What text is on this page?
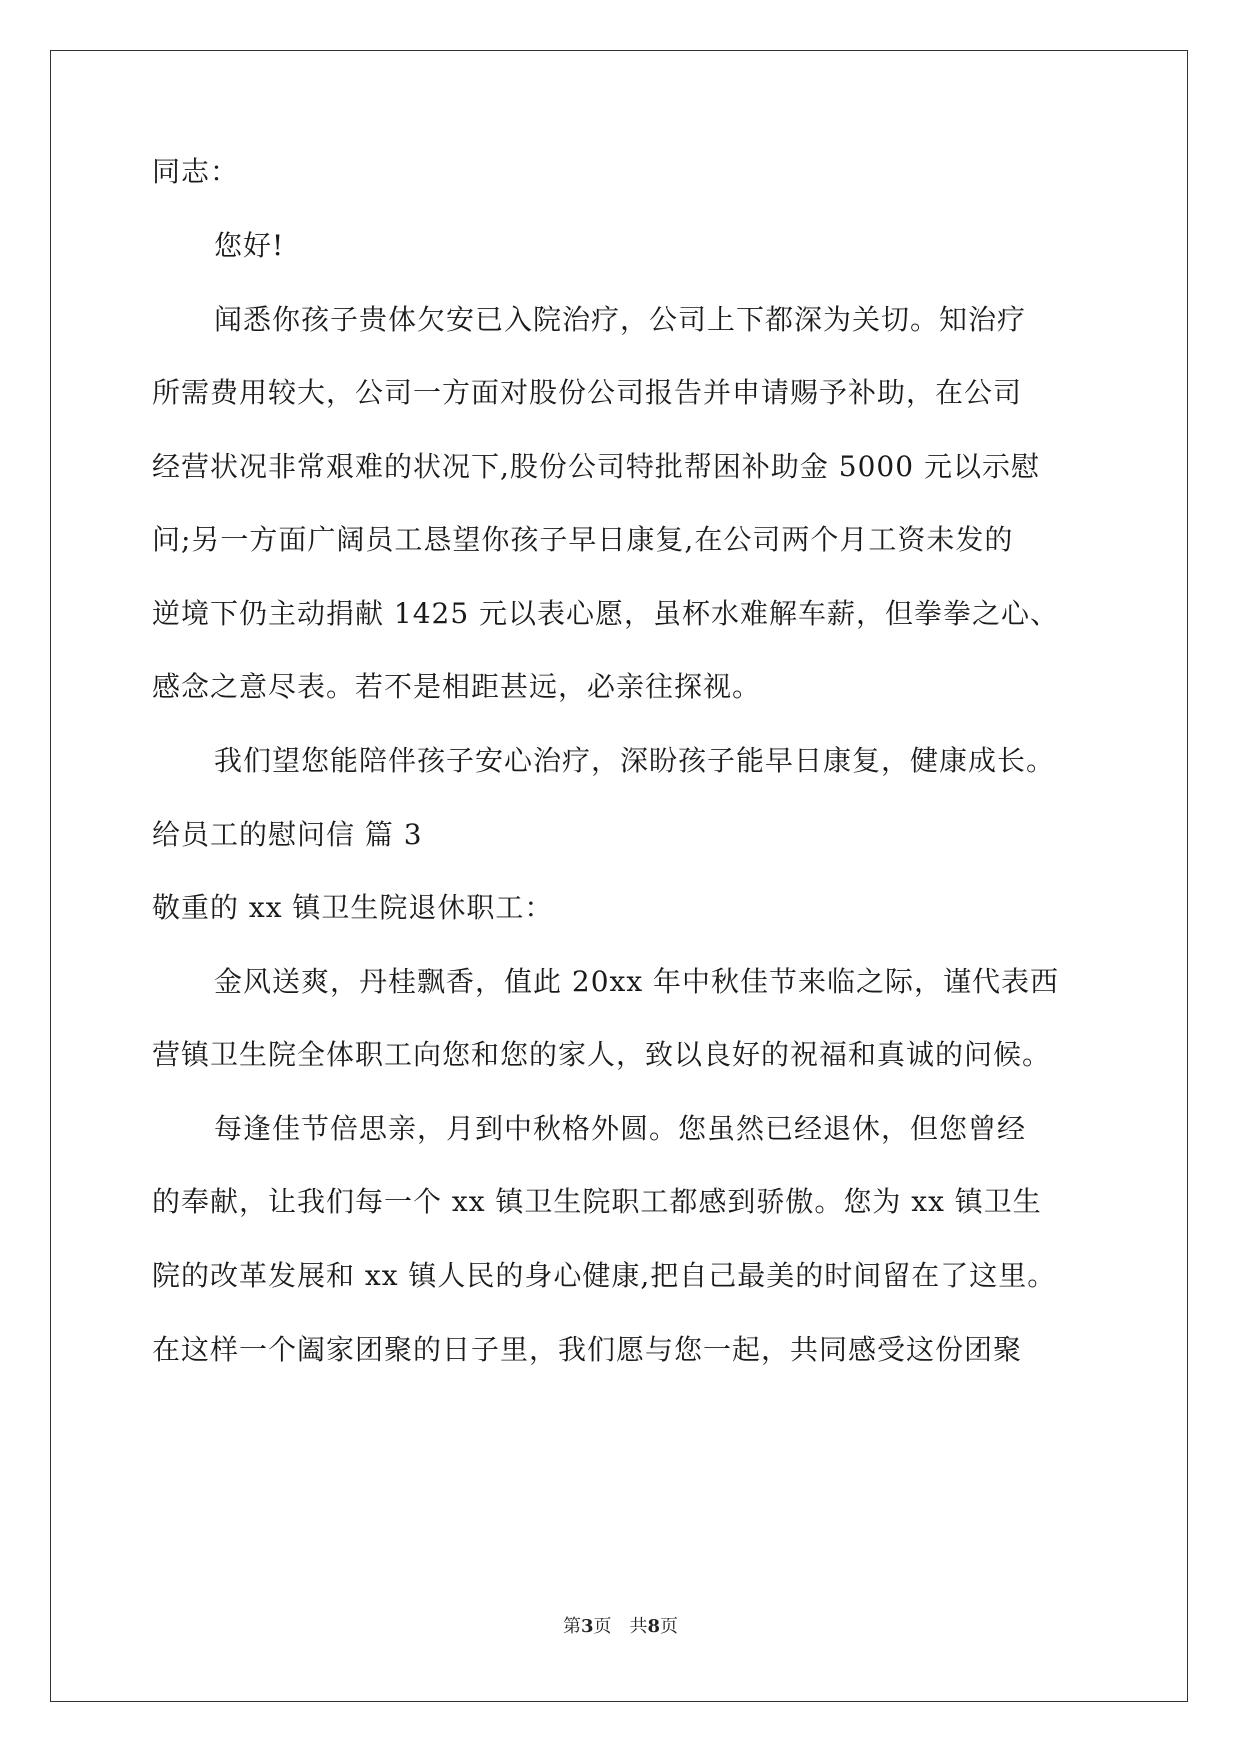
同志：
您好!
闻悉你孩子贵体欠安已入院治疗，公司上下都深为关切。知治疗
所需费用较大，公司一方面对股份公司报告并申请赐予补助，在公司
经营状况非常艰难的状况下,股份公司特批帮困补助金 5000 元以示慰
问;另一方面广阔员工恳望你孩子早日康复,在公司两个月工资未发的
逆境下仍主动捐献 1425 元以表心愿，虽杯水难解车薪，但拳拳之心、
感念之意尽表。若不是相距甚远，必亲往探视。
我们望您能陪伴孩子安心治疗，深盼孩子能早日康复，健康成长。
给员工的慰问信 篇 3
敬重的 xx 镇卫生院退休职工：
金风送爽，丹桂飘香，值此 20xx 年中秋佳节来临之际，谨代表西
营镇卫生院全体职工向您和您的家人，致以良好的祝福和真诚的问候。
每逢佳节倍思亲，月到中秋格外圆。您虽然已经退休，但您曾经
的奉献，让我们每一个 xx 镇卫生院职工都感到骄傲。您为 xx 镇卫生
院的改革发展和 xx 镇人民的身心健康,把自己最美的时间留在了这里。
在这样一个阖家团聚的日子里，我们愿与您一起，共同感受这份团聚
第3页　共8页
